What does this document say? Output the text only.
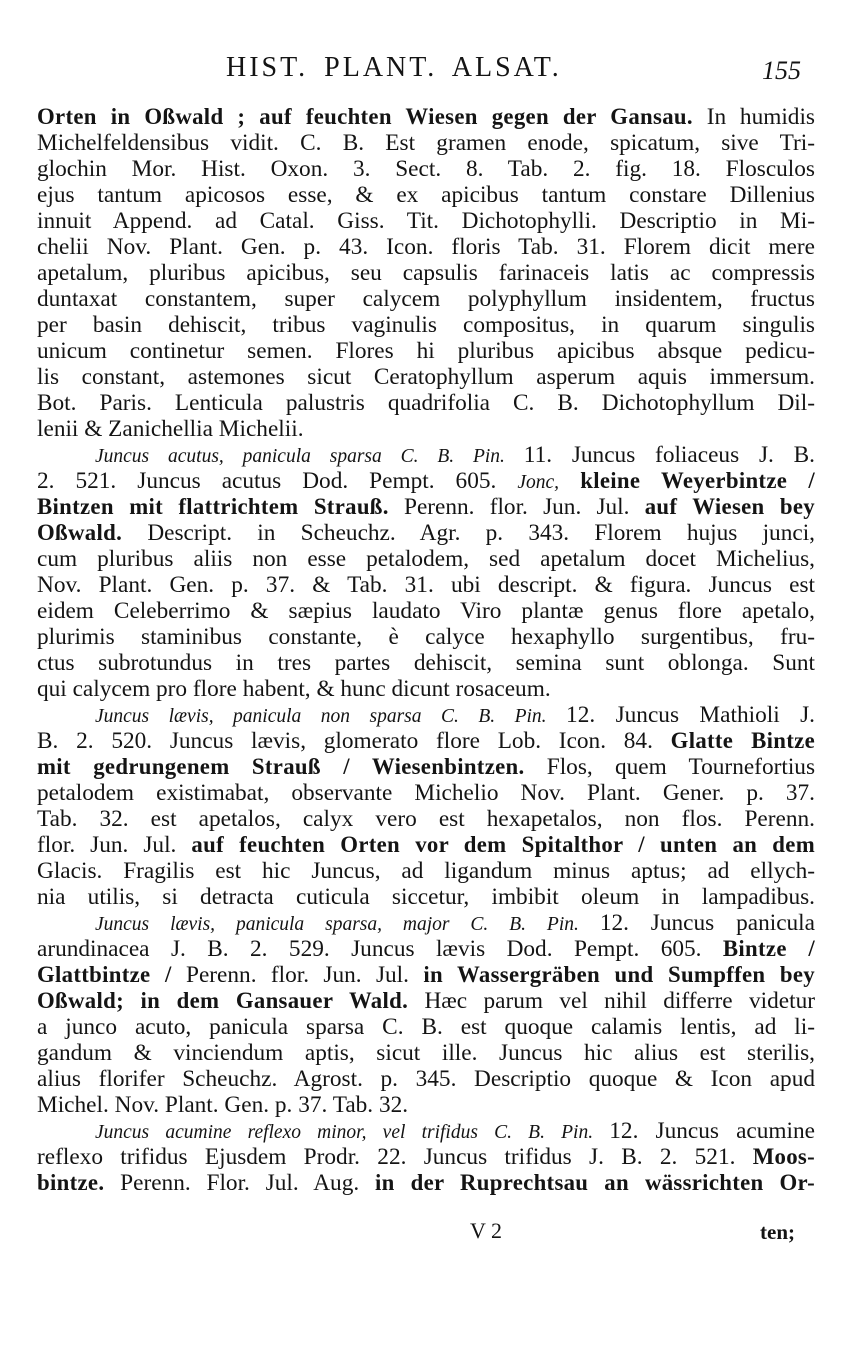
HIST. PLANT. ALSAT.	155
Orten in Oßwald ; auf feuchten Wiesen gegen der Gansau. In humidis
Michelfeldensibus vidit. C. B. Est gramen enode, spicatum, sive Tri-
glochin Mor. Hist. Oxon. 3. Sect. 8. Tab. 2. fig. 18. Flosculos
ejus tantum apicosos esse, & ex apicibus tantum constare Dillenius
innuit Append. ad Catal. Giss. Tit. Dichotophylli. Descriptio in Mi-
chelii Nov. Plant. Gen. p. 43. Icon. floris Tab. 31. Florem dicit mere
apetalum, pluribus apicibus, seu capsulis farinaceis latis ac compressis
duntaxat constantem, super calycem polyphyllum insidentem, fructus
per basin dehiscit, tribus vaginulis compositus, in quarum singulis
unicum continetur semen. Flores hi pluribus apicibus absque pedicu-
lis constant, astemones sicut Ceratophyllum asperum aquis immersum.
Bot. Paris. Lenticula palustris quadrifolia C. B. Dichotophyllum Dil-
lenii & Zanichellia Michelii.
Juncus acutus, panicula sparsa C. B. Pin. 11. Juncus foliaceus J. B.
2. 521. Juncus acutus Dod. Pempt. 605. Jonc, kleine Weyerbintze /
Bintzen mit flattrichtem Strauß. Perenn. flor. Jun. Jul. auf Wiesen bey
Oßwald. Descript. in Scheuchz. Agr. p. 343. Florem hujus junci,
cum pluribus aliis non esse petalodem, sed apetalum docet Michelius,
Nov. Plant. Gen. p. 37. & Tab. 31. ubi descript. & figura. Juncus est
eidem Celeberrimo & sæpius laudato Viro plantæ genus flore apetalo,
plurimis staminibus constante, è calyce hexaphyllo surgentibus, fru-
ctus subrotundus in tres partes dehiscit, semina sunt oblonga. Sunt
qui calycem pro flore habent, & hunc dicunt rosaceum.
Juncus lævis, panicula non sparsa C. B. Pin. 12. Juncus Mathioli J.
B. 2. 520. Juncus lævis, glomerato flore Lob. Icon. 84. Glatte Bintze
mit gedrungenem Strauß / Wiesenbintzen. Flos, quem Tournefortius
petalodem existimabat, observante Michelio Nov. Plant. Gener. p. 37.
Tab. 32. est apetalos, calyx vero est hexapetalos, non flos. Perenn.
flor. Jun. Jul. auf feuchten Orten vor dem Spitalthor / unten an dem
Glacis. Fragilis est hic Juncus, ad ligandum minus aptus; ad ellych-
nia utilis, si detracta cuticula siccetur, imbibit oleum in lampadibus.
Juncus lævis, panicula sparsa, major C. B. Pin. 12. Juncus panicula
arundinacea J. B. 2. 529. Juncus lævis Dod. Pempt. 605. Bintze /
Glattbintze / Perenn. flor. Jun. Jul. in Wassergräben und Sumpffen bey
Oßwald; in dem Gansauer Wald. Hæc parum vel nihil differre videtur
a junco acuto, panicula sparsa C. B. est quoque calamis lentis, ad li-
gandum & vinciendum aptis, sicut ille. Juncus hic alius est sterilis,
alius florifer Scheuchz. Agrost. p. 345. Descriptio quoque & Icon apud
Michel. Nov. Plant. Gen. p. 37. Tab. 32.
Juncus acumine reflexo minor, vel trifidus C. B. Pin. 12. Juncus acumine
reflexo trifidus Ejusdem Prodr. 22. Juncus trifidus J. B. 2. 521. Moos-
bintze. Perenn. Flor. Jul. Aug. in der Ruprechtsau an wässrichten Or-
V 2	ten;
